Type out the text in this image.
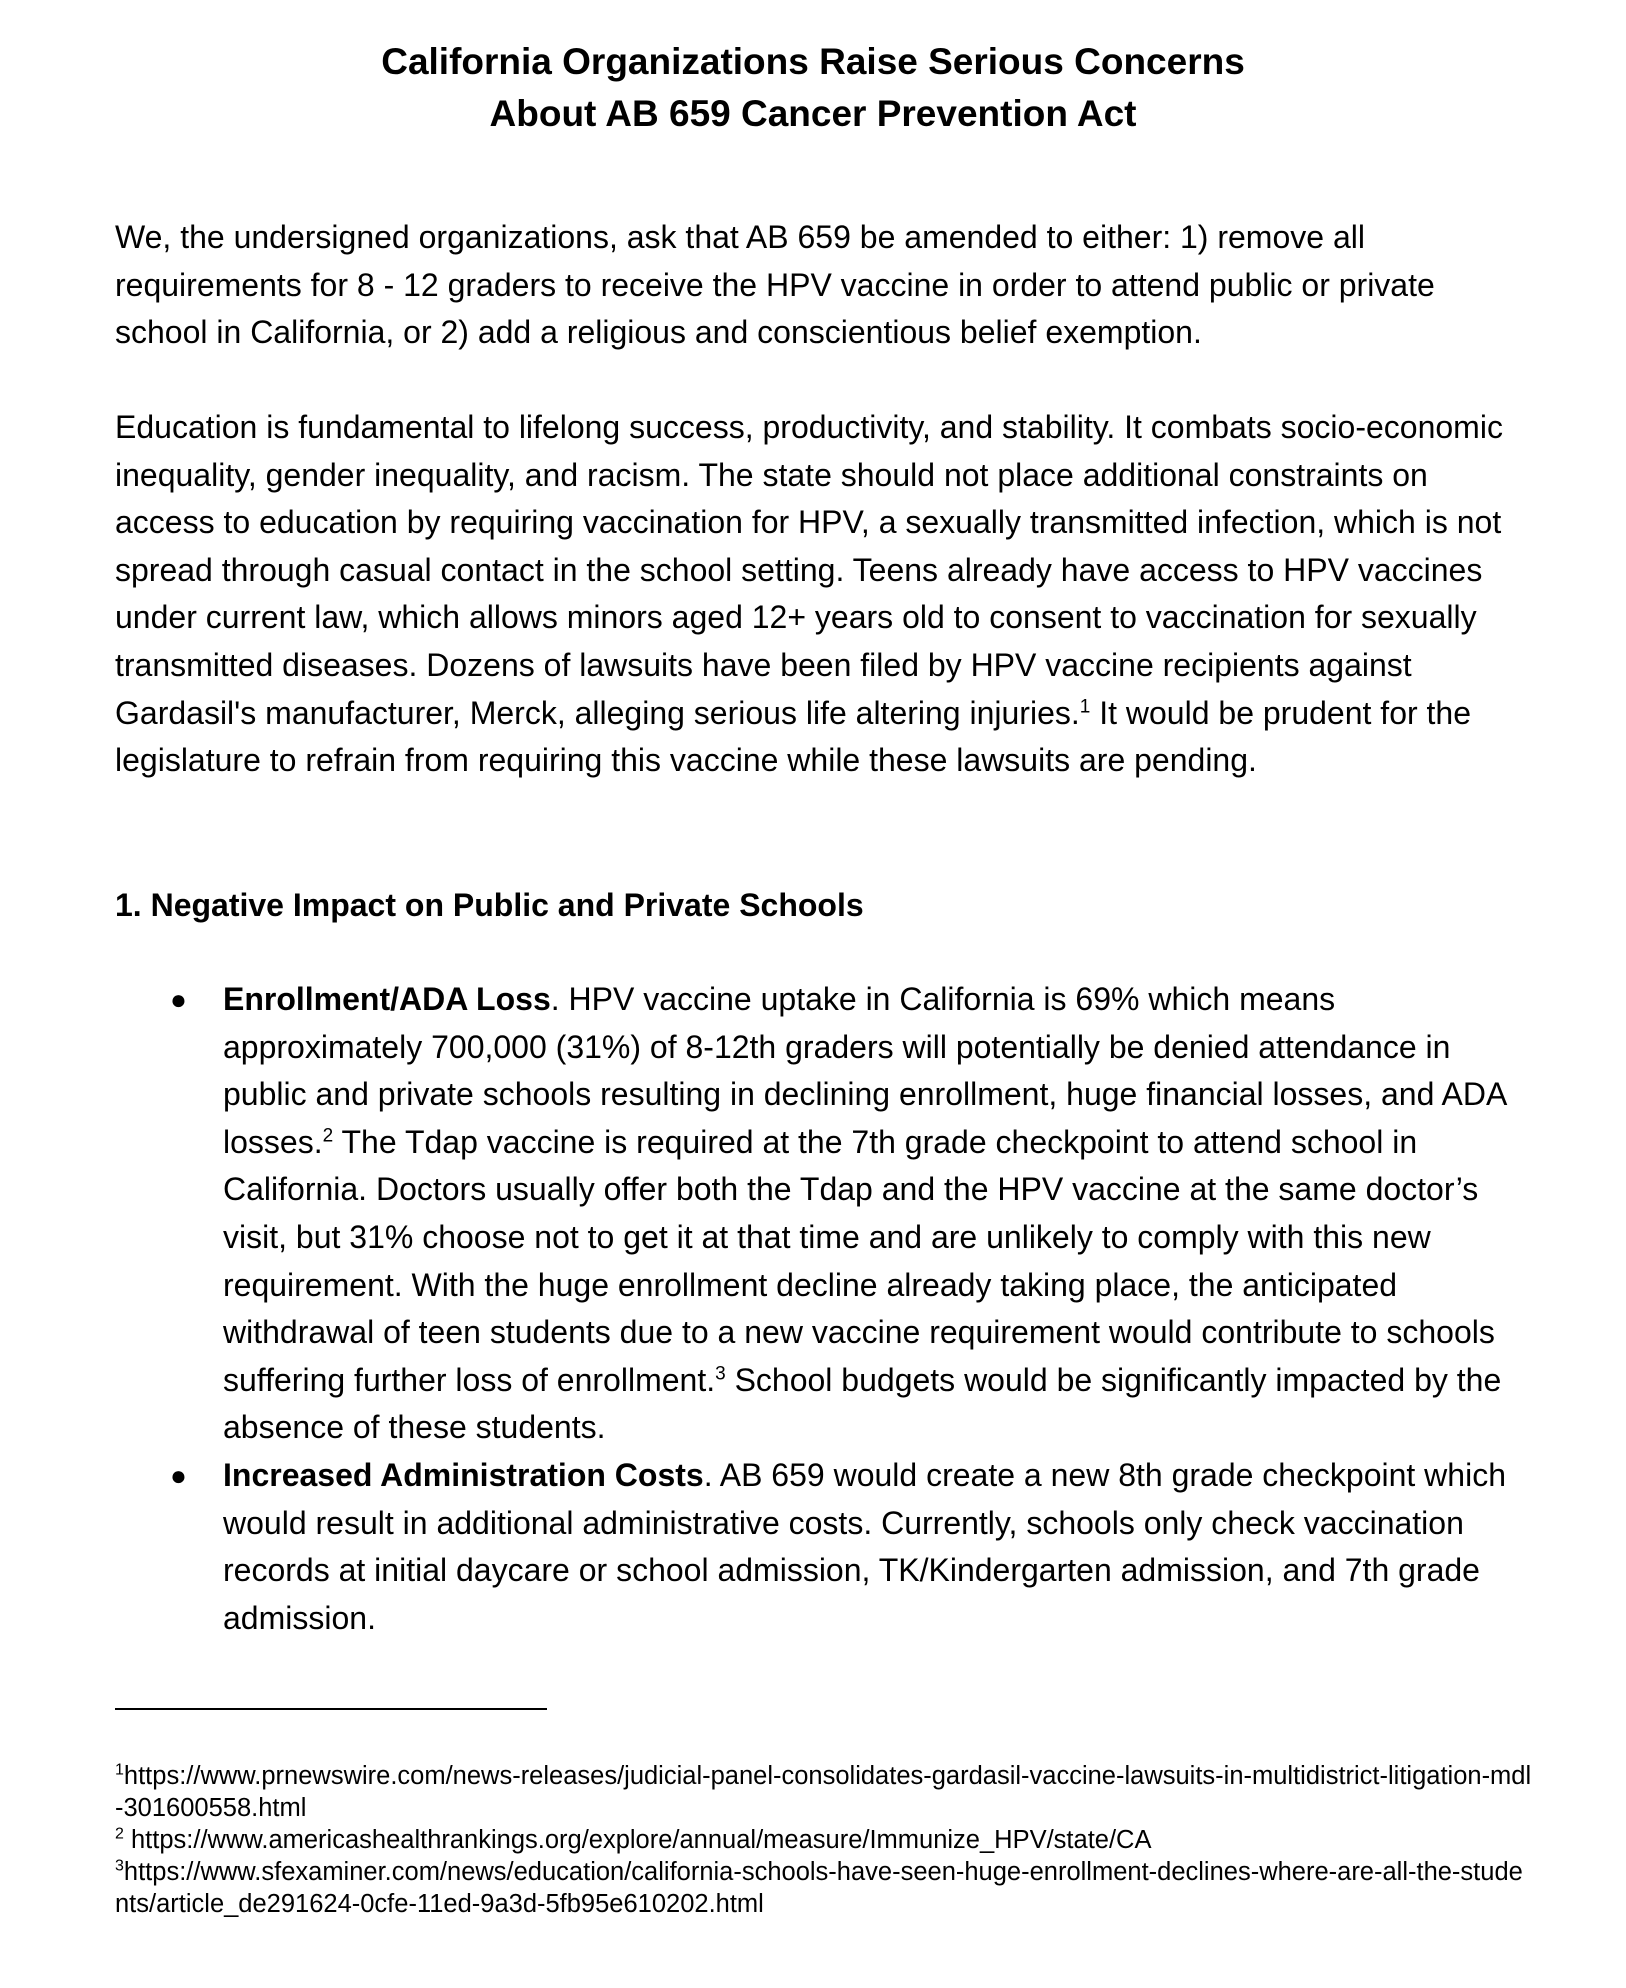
California Organizations Raise Serious Concerns
About AB 659 Cancer Prevention Act

We, the undersigned organizations, ask that AB 659 be amended to either: 1) remove all requirements for 8 - 12 graders to receive the HPV vaccine in order to attend public or private school in California, or 2) add a religious and conscientious belief exemption.

Education is fundamental to lifelong success, productivity, and stability. It combats socio-economic inequality, gender inequality, and racism. The state should not place additional constraints on access to education by requiring vaccination for HPV, a sexually transmitted infection, which is not spread through casual contact in the school setting. Teens already have access to HPV vaccines under current law, which allows minors aged 12+ years old to consent to vaccination for sexually transmitted diseases. Dozens of lawsuits have been filed by HPV vaccine recipients against Gardasil's manufacturer, Merck, alleging serious life altering injuries.$^1$ It would be prudent for the legislature to refrain from requiring this vaccine while these lawsuits are pending.

1. Negative Impact on Public and Private Schools

● Enrollment/ADA Loss. HPV vaccine uptake in California is 69% which means approximately 700,000 (31%) of 8-12th graders will potentially be denied attendance in public and private schools resulting in declining enrollment, huge financial losses, and ADA losses.$^2$ The Tdap vaccine is required at the 7th grade checkpoint to attend school in California. Doctors usually offer both the Tdap and the HPV vaccine at the same doctor’s visit, but 31% choose not to get it at that time and are unlikely to comply with this new requirement. With the huge enrollment decline already taking place, the anticipated withdrawal of teen students due to a new vaccine requirement would contribute to schools suffering further loss of enrollment.$^3$ School budgets would be significantly impacted by the absence of these students.
● Increased Administration Costs. AB 659 would create a new 8th grade checkpoint which would result in additional administrative costs. Currently, schools only check vaccination records at initial daycare or school admission, TK/Kindergarten admission, and 7th grade admission.

$^1$https://www.prnewswire.com/news-releases/judicial-panel-consolidates-gardasil-vaccine-lawsuits-in-multidistrict-litigation-mdl-301600558.html

$^2$ https://www.americashealthrankings.org/explore/annual/measure/Immunize_HPV/state/CA

$^3$https://www.sfexaminer.com/news/education/california-schools-have-seen-huge-enrollment-declines-where-are-all-the-students/article_de291624-0cfe-11ed-9a3d-5fb95e610202.html
